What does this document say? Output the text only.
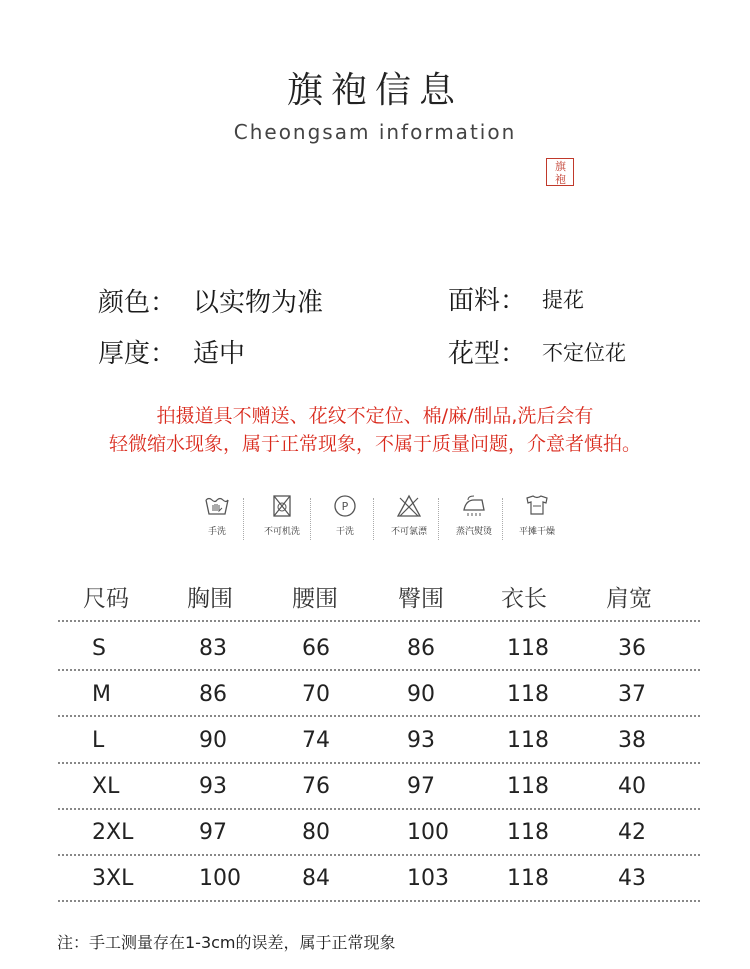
旗袍信息
Cheongsam information
旗
袍
颜色： 以实物为准	面料： 提花
厚度： 适中	花型： 不定位花
拍摄道具不赠送、花纹不定位、棉/麻/制品,洗后会有
轻微缩水现象，属于正常现象，不属于质量问题，介意者慎拍。
手洗	不可机洗
P
干洗	不可氯漂	蒸汽熨烫	平摊干燥
尺码	胸围	腰围	臀围 衣长	肩宽
S	83	66	86	118	36
M	86	70	90	118	37
L	90	74	93	118	38
XL	93	76	97	118	40
2XL	97	80	100	118	42
3XL	100	84	103	118	43
注：手工测量存在1-3cm的误差，属于正常现象
